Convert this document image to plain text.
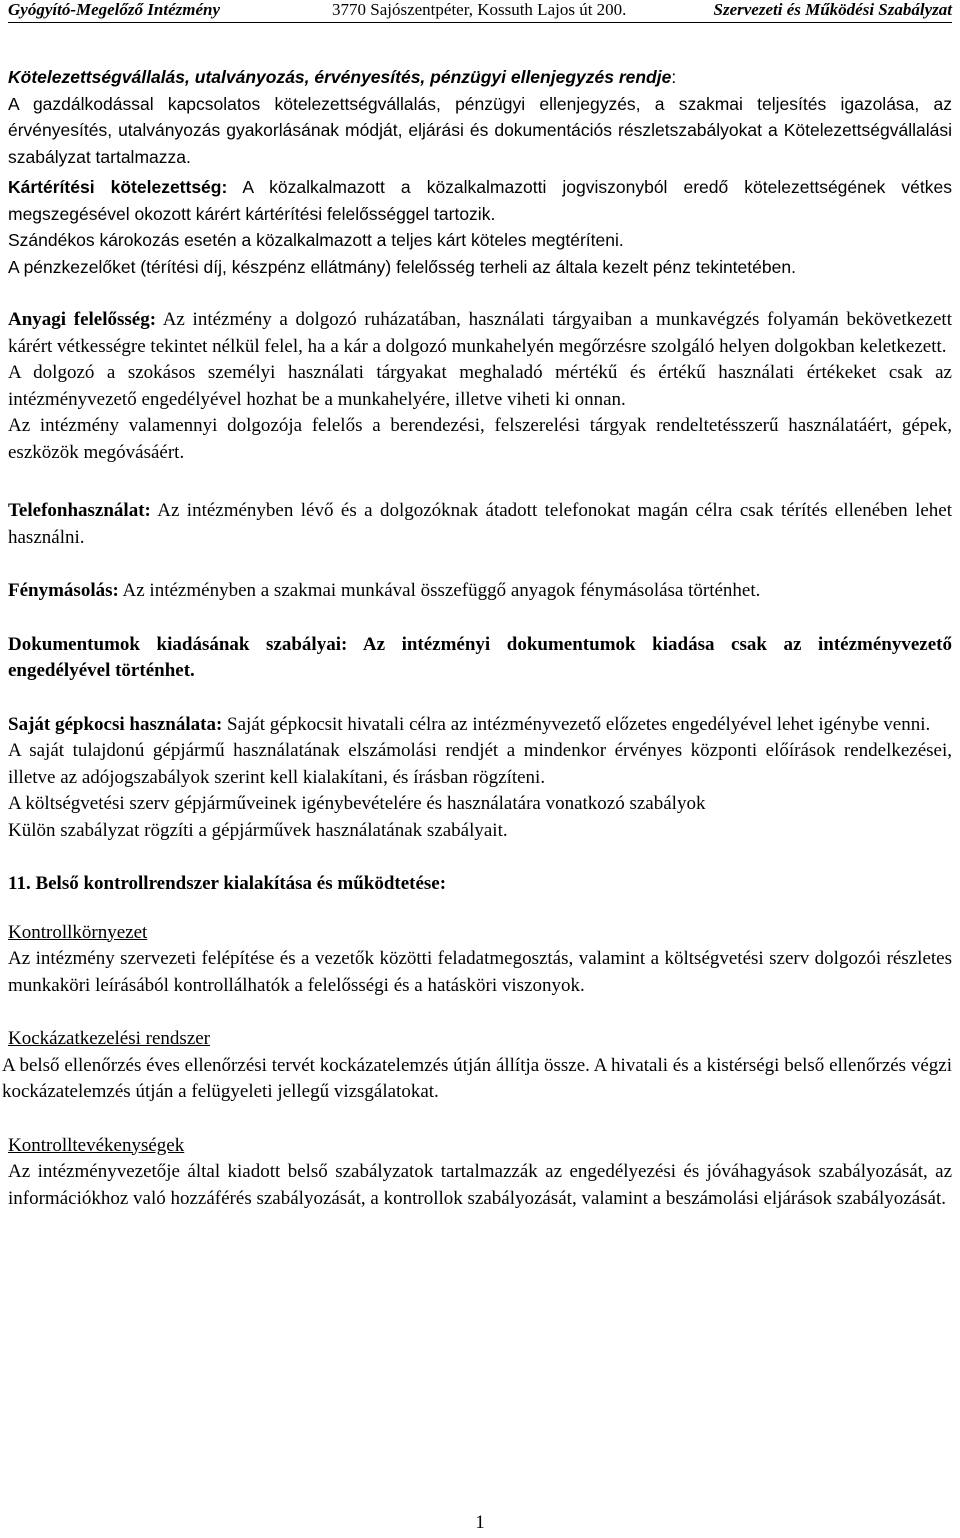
Gyógyító-Megelőző Intézmény	3770 Sajószentpéter, Kossuth Lajos út 200.	Szervezeti és Működési Szabályzat

Kötelezettségvállalás, utalványozás, érvényesítés, pénzügyi ellenjegyzés rendje:

A gazdálkodással kapcsolatos kötelezettségvállalás, pénzügyi ellenjegyzés, a szakmai teljesítés igazolása, az érvényesítés, utalványozás gyakorlásának módját, eljárási és dokumentációs részletszabályokat a Kötelezettségvállalási szabályzat tartalmazza.

Kártérítési kötelezettség: A közalkalmazott a közalkalmazotti jogviszonyból eredő kötelezettségének vétkes megszegésével okozott kárért kártérítési felelősséggel tartozik.

Szándékos károkozás esetén a közalkalmazott a teljes kárt köteles megtéríteni.

A pénzkezelőket (térítési díj, készpénz ellátmány) felelősség terheli az általa kezelt pénz tekintetében.

Anyagi felelősség: Az intézmény a dolgozó ruházatában, használati tárgyaiban a munkavégzés folyamán bekövetkezett kárért vétkességre tekintet nélkül felel, ha a kár a dolgozó munkahelyén megőrzésre szolgáló helyen dolgokban keletkezett.

A dolgozó a szokásos személyi használati tárgyakat meghaladó mértékű és értékű használati értékeket csak az intézményvezető engedélyével hozhat be a munkahelyére, illetve viheti ki onnan.

Az intézmény valamennyi dolgozója felelős a berendezési, felszerelési tárgyak rendeltetésszerű használatáért, gépek, eszközök megóvásáért.

Telefonhasználat: Az intézményben lévő és a dolgozóknak átadott telefonokat magán célra csak térítés ellenében lehet használni.

Fénymásolás: Az intézményben a szakmai munkával összefüggő anyagok fénymásolása történhet.

Dokumentumok kiadásának szabályai: Az intézményi dokumentumok kiadása csak az intézményvezető engedélyével történhet.

Saját gépkocsi használata: Saját gépkocsit hivatali célra az intézményvezető előzetes engedélyével lehet igénybe venni.

A saját tulajdonú gépjármű használatának elszámolási rendjét a mindenkor érvényes központi előírások rendelkezései, illetve az adójogszabályok szerint kell kialakítani, és írásban rögzíteni.

A költségvetési szerv gépjárműveinek igénybevételére és használatára vonatkozó szabályok

Külön szabályzat rögzíti a gépjárművek használatának szabályait.

11. Belső kontrollrendszer kialakítása és működtetése:

Kontrollkörnyezet

Az intézmény szervezeti felépítése és a vezetők közötti feladatmegosztás, valamint a költségvetési szerv dolgozói részletes munkaköri leírásából kontrollálhatók a felelősségi és a hatásköri viszonyok.

Kockázatkezelési rendszer

A belső ellenőrzés éves ellenőrzési tervét kockázatelemzés útján állítja össze. A hivatali és a kistérségi belső ellenőrzés végzi kockázatelemzés útján a felügyeleti jellegű vizsgálatokat.

Kontrolltevékenységek

Az intézményvezetője által kiadott belső szabályzatok tartalmazzák az engedélyezési és jóváhagyások szabályozását, az információkhoz való hozzáférés szabályozását, a kontrollok szabályozását, valamint a beszámolási eljárások szabályozását.

1
